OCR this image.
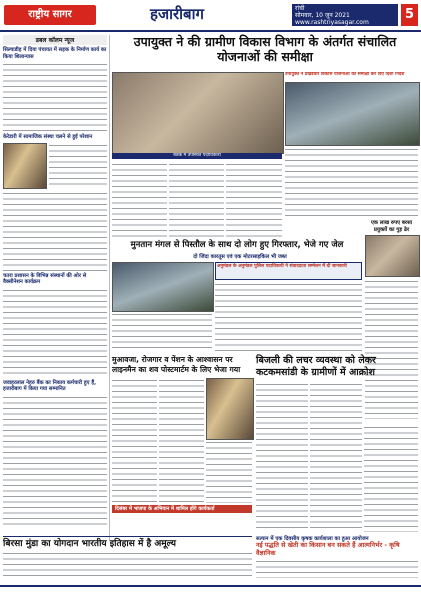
राष्ट्रीय सागर	हजारीबाग	रांची
सोमवार, 10 जुन 2021
www.rashtriyasagar.com
5
डबल कॉलम न्यूज
सिल्याडीह में दिया पंचायत में सड़क के निर्माण कार्य का किया शिलान्यास
केरेडारी में सामाजिक संस्था चलने से हुई परेशान
चतरा प्रशासन के विभिन्न संस्थानों की ओर से वैक्सीनेशन कार्यक्रम
जवाहरलाल नेहरु बैंक का निकाय कर्मचारी हुए हैं, हजारीबाग में किया गया सम्मानित
उपायुक्त ने की ग्रामीण विकास विभाग के अंतर्गत संचालित योजनाओं की समीक्षा
बैठक में उपस्थित पदाधिकारी
उपायुक्त ने प्रखंडवार विकास योजनाओं की समीक्षा कर दिए दिशा निर्देश
मुनतान मंगल से पिस्तौल के साथ दो लोग हुए गिरफ्तार, भेजे गए जेल
दो जिंदा कारतूस एवं एक मोटरसाइकिल भी जब्त
अनुमंडल के अनुमंडल पुलिस पदाधिकारी ने संवाददाता सम्मेलन में दी जानकारी
एक लाख रुपए बरसा प्रयुक्तों का गुड़ ढेर
मुआवजा, रोजगार व पेंशन के आश्वासन पर लाइनमैन का शव पोस्टमार्टम के लिए भेजा गया
दिसंबर में भाजपा के अभियान में शामिल होंगे कार्यकर्ता
बिजली की लचर व्यवस्था को लेकर कटकमसांडी के ग्रामीणों में आक्रोश
बिरसा मुंडा का योगदान भारतीय इतिहास में है अमूल्य	सत्यान में एक दिवसीय कृषक कार्यशाला का हुआ आयोजन
नई पद्धति से खेती का किसान बन सकते हैं आत्मनिर्भर - कृषि वैज्ञानिक
